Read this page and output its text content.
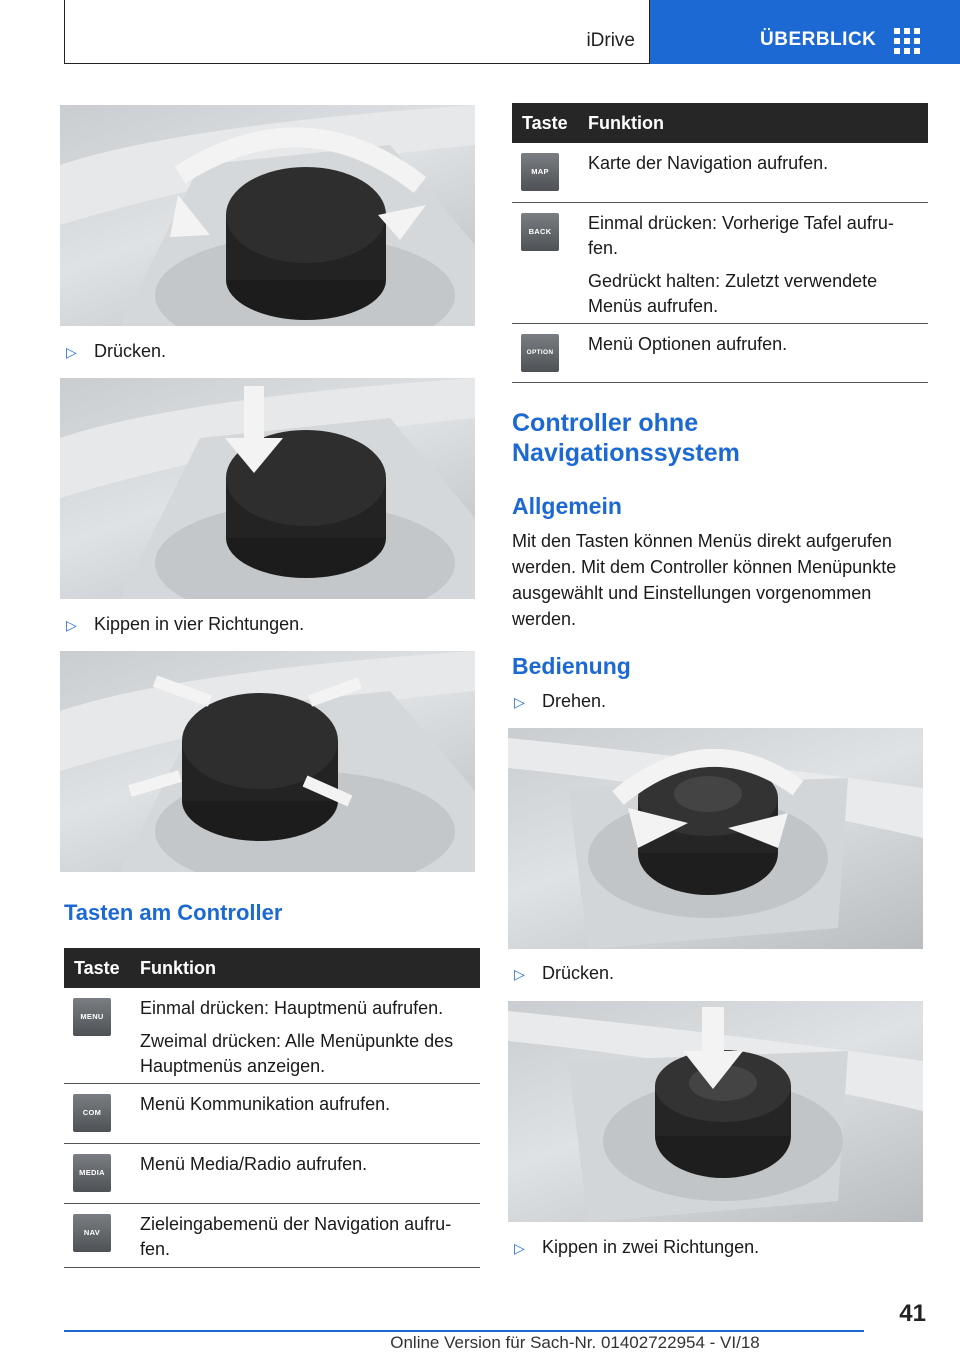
iDrive	ÜBERBLICK
▷ Drücken.
▷ Kippen in vier Richtungen.
Tasten am Controller
Taste Funktion
MENU	Einmal drücken: Hauptmenü aufrufen.

Zweimal drücken: Alle Menüpunkte des Hauptmenüs anzeigen.

COM	Menü Kommunikation aufrufen.

MEDIA	Menü Media/Radio aufrufen.

NAV	Zieleingabemenü der Navigation aufru‐ fen.

Taste Funktion
MAP	Karte der Navigation aufrufen.

BACK	Einmal drücken: Vorherige Tafel aufru‐ fen.

Gedrückt halten: Zuletzt verwendete Menüs aufrufen.

OPTION	Menü Optionen aufrufen.

Controller ohne Navigationssystem
Allgemein
Mit den Tasten können Menüs direkt aufgerufen werden. Mit dem Controller können Menüpunkte ausgewählt und Einstellungen vorgenommen werden.
Bedienung
▷ Drehen.
▷ Drücken.
▷ Kippen in zwei Richtungen.
41
Online Version für Sach-Nr. 01402722954 - VI/18
